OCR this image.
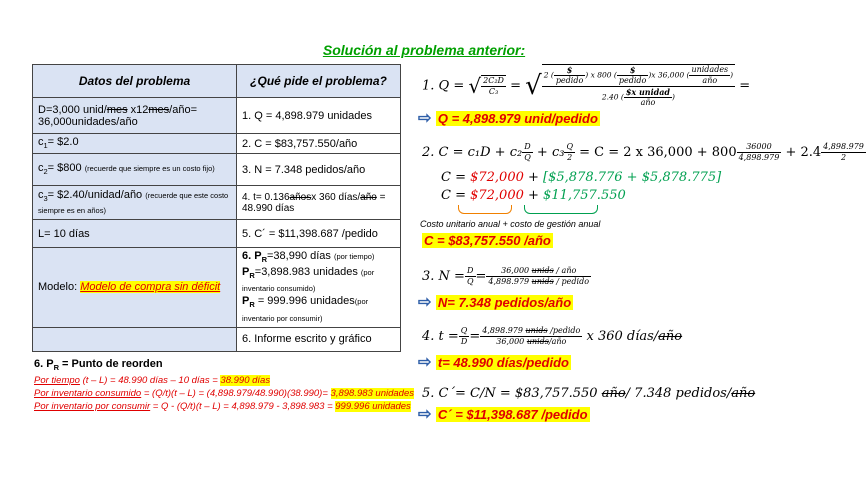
Solución al problema anterior:
Datos del problema	¿Qué pide el problema?
D=3,000 unid/mes x12mes/año= 36,000unidades/año	1. Q = 4,898.979 unidades
$c_1=$ $2.0	2. C = $83,757.550/año
$c_2=$ $800 (recuerde que siempre es un costo fijo)	3. N = 7.348 pedidos/año
$c_3=$ $2.40/unidad/año (recuerde que este costo siempre es en años)	4. t= 0.136añosx 360 días/año = 48.990 días
L= 10 días	5. C´ = $11,398.687 /pedido
Modelo: Modelo de compra sin déficit	6. $P_R=38,990$ días (por tiempo)
$P_R=3,898.983$ unidades (por inventario consumido)
$P_R = 999.996$ unidades(por inventario por consumir)
	6. Informe escrito y gráfico
6. $P_R$ = Punto de reorden
Por tiempo (t – L) = 48.990 días – 10 días = 38.990 días
Por inventario consumido = (Q/t)(t – L) = (4,898.979/48.990)(38.990)= 3,898.983 unidades
Por inventario por consumir = Q - (Q/t)(t – L) = 4,898.979 - 3,898.983 = 999.996 unidades
1. Q = √ $\frac{\text{2C₂D}}{\text{C₃}}$ = √ $\frac{2 ( \frac{\$}{\text{pedido}} ) x 800 ( \frac{\$}{\text{pedido}} )x 36,000 ( \frac{\text{unidades}}{\text{año}} )}{2.40 ( \frac{\text{\$x unidad}}{\text{año}} )}$ =
⇨ Q = 4,898.979 unid/pedido
2. $C = c_1D + c_2 \frac{D}{Q} + c_3 \frac{Q}{2} = C = 2$ x $36,000 + 800 \frac{36000}{4,898.979} + 2.4 \frac{4,898.979}{2}$
C = $72,000 + [$5,878.776 + $5,878.775]
C = $72,000 + $11,757.550
Costo unitario anual + costo de gestión anual
C = $83,757.550 /año
3. $N = \frac{D}{Q} = \frac{\text{36,000 unids / año}}{\text{4,898.979 unids / pedido}}$
⇨ N= 7.348 pedidos/año
4. $t = \frac{Q}{D} = \frac{\text{4,898.979 unids /pedido}}{\text{36,000 unids/año}}$ x 360 días/año
⇨ t= 48.990 días/pedido
5. C´= C/N = $83,757.550 año/ 7.348 pedidos/año
⇨ C´ = $11,398.687 /pedido
